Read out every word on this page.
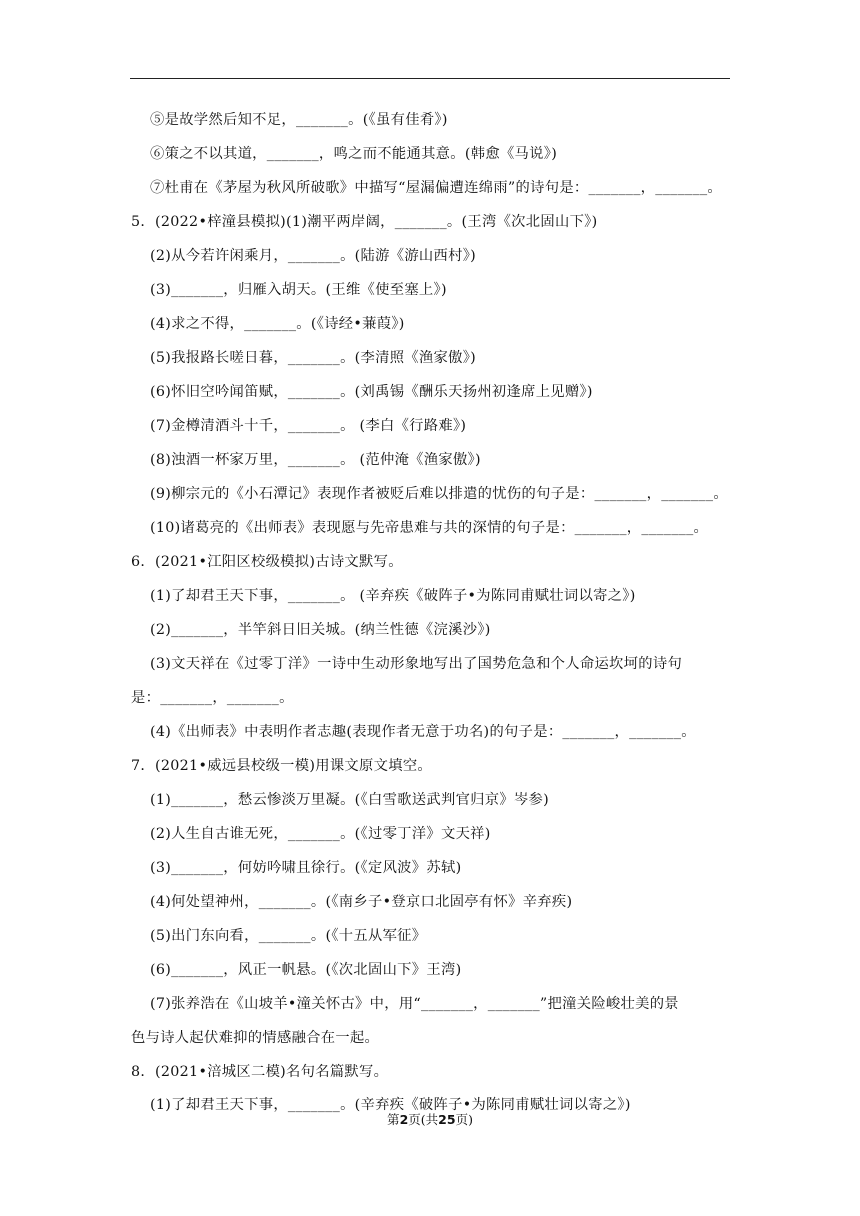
⑤是故学然后知不足，_______。(《虽有佳肴》)
⑥策之不以其道，_______，鸣之而不能通其意。(韩愈《马说》)
⑦杜甫在《茅屋为秋风所破歌》中描写“屋漏偏遭连绵雨”的诗句是：_______，_______。
5．(2022•梓潼县模拟)(1)潮平两岸阔，_______。(王湾《次北固山下》)
(2)从今若许闲乘月，_______。(陆游《游山西村》)
(3)_______，归雁入胡天。(王维《使至塞上》)
(4)求之不得，_______。(《诗经•蒹葭》)
(5)我报路长嗟日暮，_______。(李清照《渔家傲》)
(6)怀旧空吟闻笛赋，_______。(刘禹锡《酬乐天扬州初逢席上见赠》)
(7)金樽清酒斗十千，_______。 (李白《行路难》)
(8)浊酒一杯家万里，_______。 (范仲淹《渔家傲》)
(9)柳宗元的《小石潭记》表现作者被贬后难以排遣的忧伤的句子是：_______，_______。
(10)诸葛亮的《出师表》表现愿与先帝患难与共的深情的句子是：_______，_______。
6．(2021•江阳区校级模拟)古诗文默写。
(1)了却君王天下事，_______。 (辛弃疾《破阵子•为陈同甫赋壮词以寄之》)
(2)_______，半竿斜日旧关城。(纳兰性德《浣溪沙》)
(3)文天祥在《过零丁洋》一诗中生动形象地写出了国势危急和个人命运坎坷的诗句
是：_______，_______。
(4)《出师表》中表明作者志趣(表现作者无意于功名)的句子是：_______，_______。
7．(2021•威远县校级一模)用课文原文填空。
(1)_______，愁云惨淡万里凝。(《白雪歌送武判官归京》岑参)
(2)人生自古谁无死，_______。(《过零丁洋》文天祥)
(3)_______，何妨吟啸且徐行。(《定风波》苏轼)
(4)何处望神州，_______。(《南乡子•登京口北固亭有怀》辛弃疾)
(5)出门东向看，_______。(《十五从军征》
(6)_______，风正一帆悬。(《次北固山下》王湾)
(7)张养浩在《山坡羊•潼关怀古》中，用“_______，_______”把潼关险峻壮美的景
色与诗人起伏难抑的情感融合在一起。
8．(2021•涪城区二模)名句名篇默写。
(1)了却君王天下事，_______。(辛弃疾《破阵子•为陈同甫赋壮词以寄之》)
第2页(共25页)
